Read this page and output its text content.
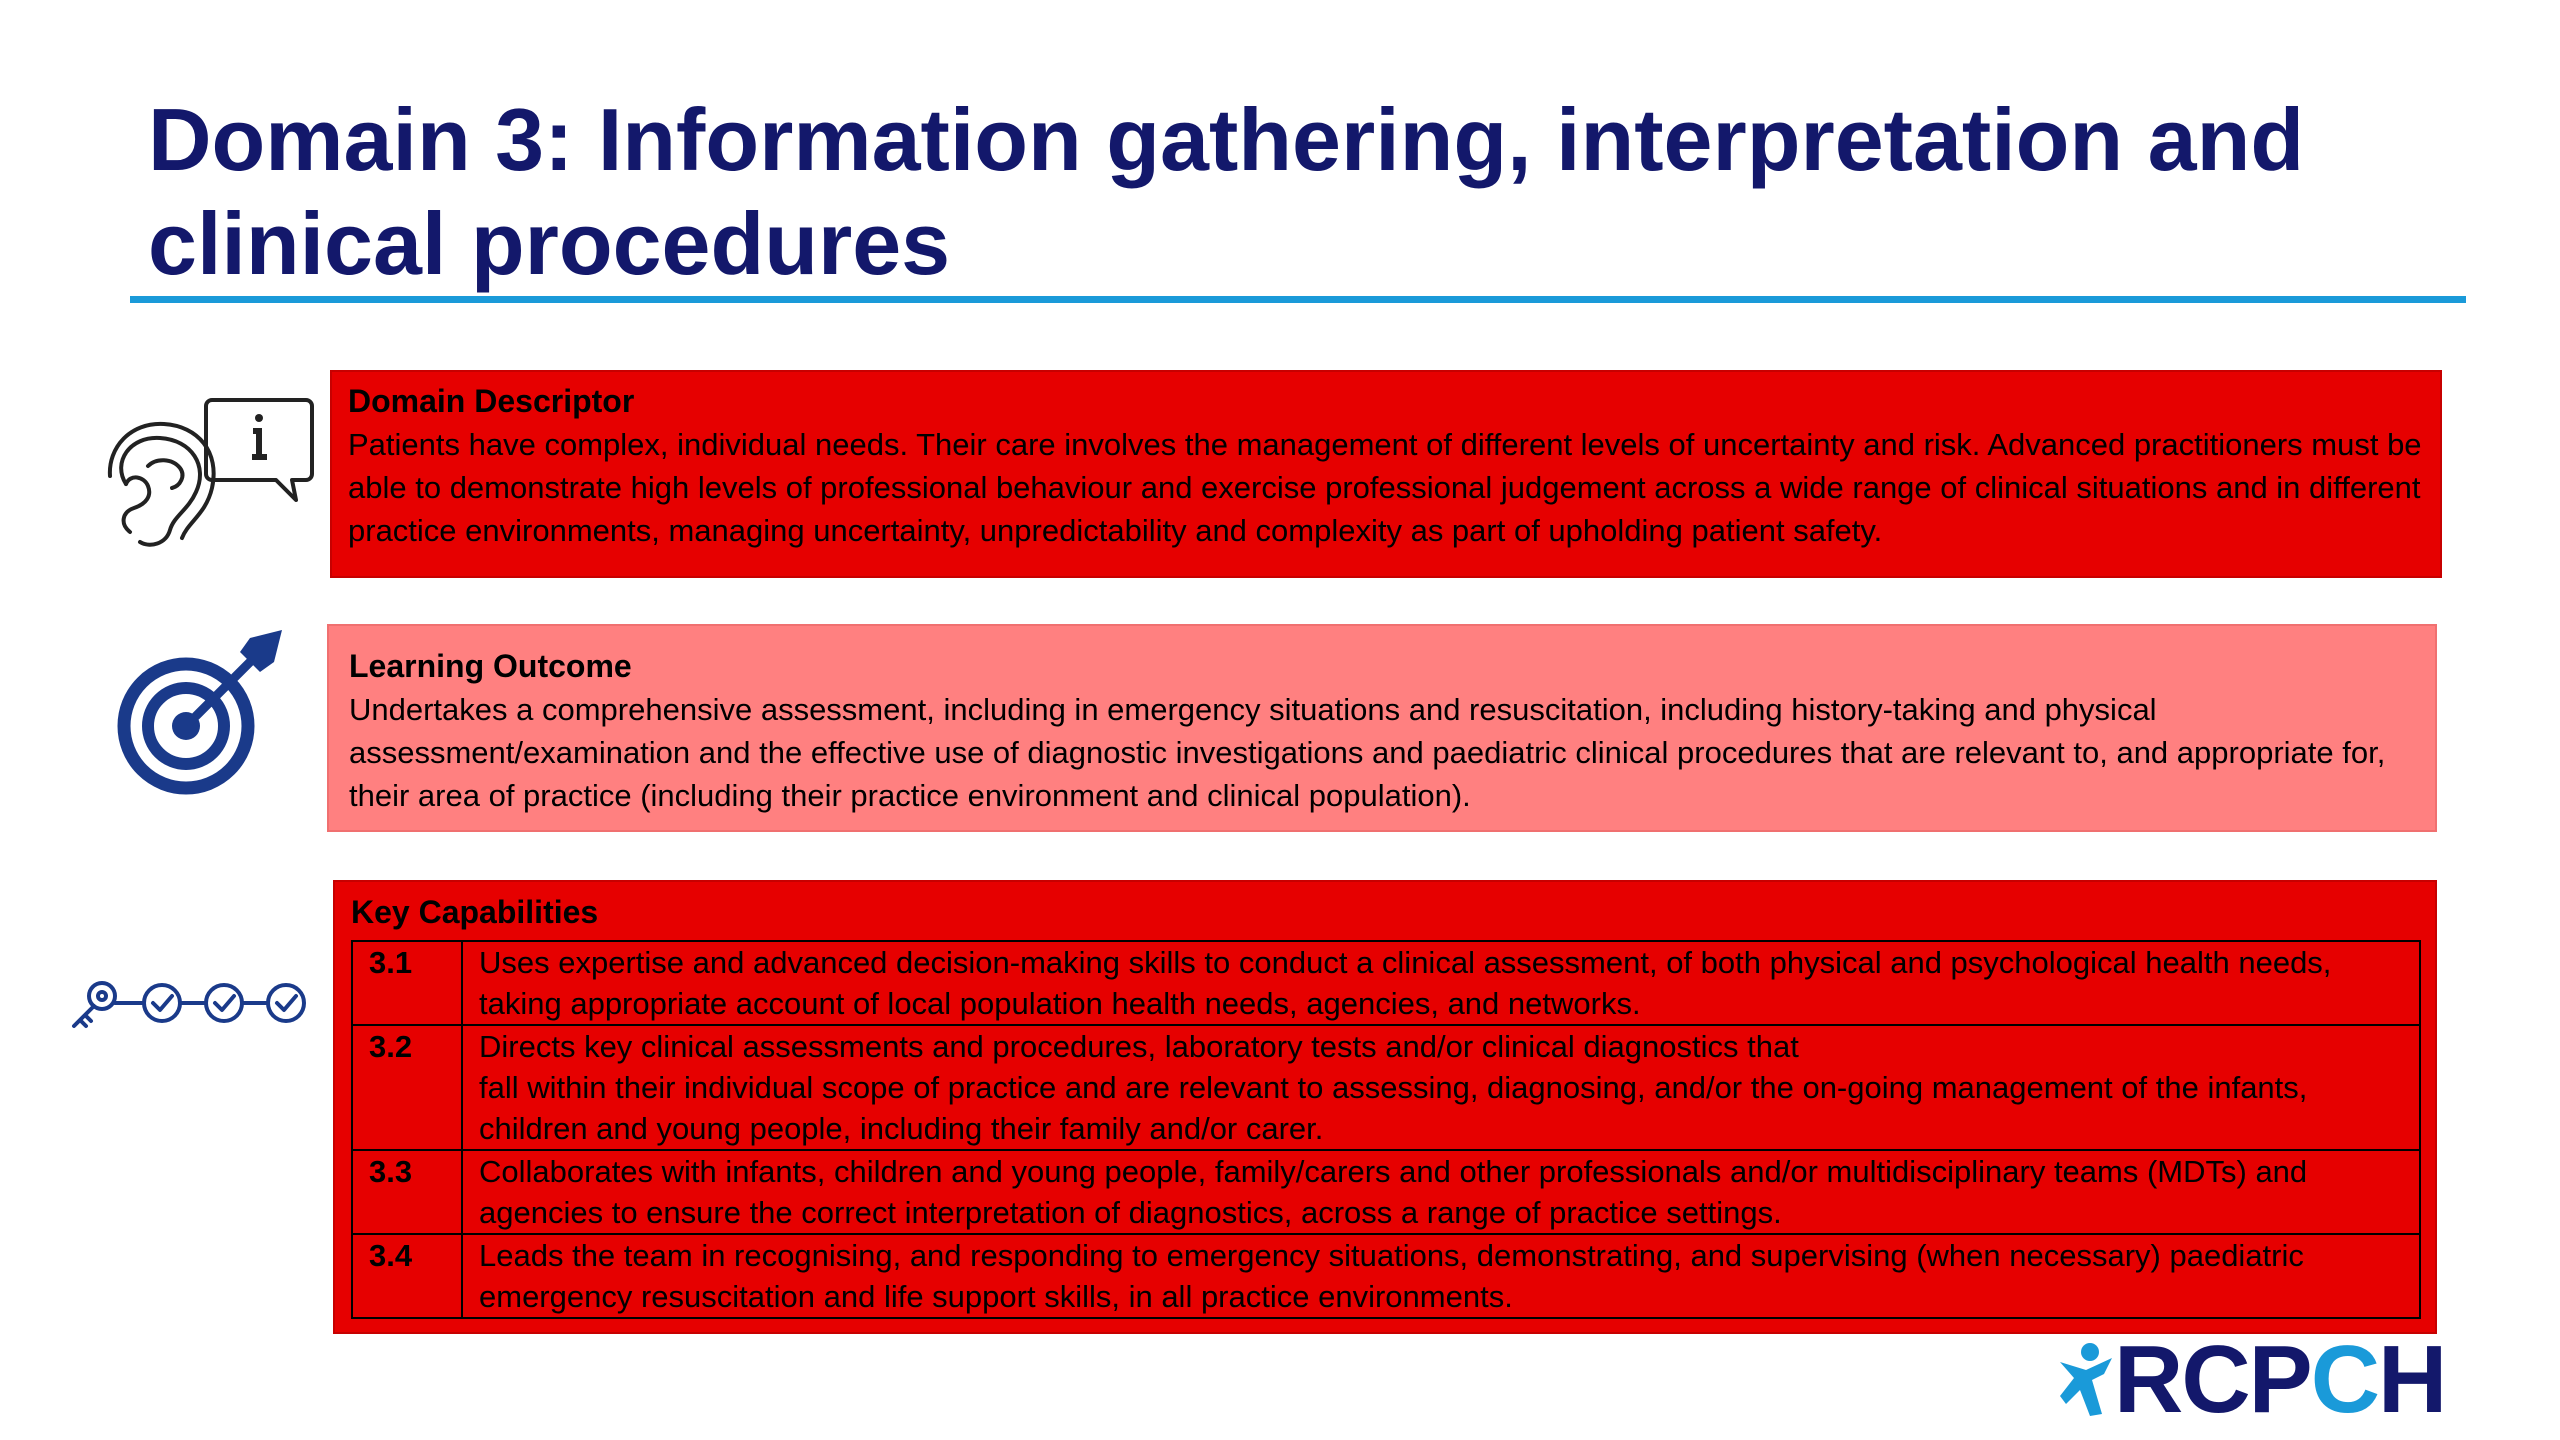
Domain 3: Information gathering, interpretation and clinical procedures
Domain Descriptor

Patients have complex, individual needs. Their care involves the management of different levels of uncertainty and risk. Advanced practitioners must be able to demonstrate high levels of professional behaviour and exercise professional judgement across a wide range of clinical situations and in different practice environments, managing uncertainty, unpredictability and complexity as part of upholding patient safety.

Learning Outcome

Undertakes a comprehensive assessment, including in emergency situations and resuscitation, including history-taking and physical assessment/examination and the effective use of diagnostic investigations and paediatric clinical procedures that are relevant to, and appropriate for, their area of practice (including their practice environment and clinical population).

Key Capabilities
3.1	Uses expertise and advanced decision-making skills to conduct a clinical assessment, of both physical and psychological health needs, taking appropriate account of local population health needs, agencies, and networks.
3.2	Directs key clinical assessments and procedures, laboratory tests and/or clinical diagnostics that
fall within their individual scope of practice and are relevant to assessing, diagnosing, and/or the on-going management of the infants, children and young people, including their family and/or carer.
3.3	Collaborates with infants, children and young people, family/carers and other professionals and/or multidisciplinary teams (MDTs) and agencies to ensure the correct interpretation of diagnostics, across a range of practice settings.
3.4	Leads the team in recognising, and responding to emergency situations, demonstrating, and supervising (when necessary) paediatric emergency resuscitation and life support skills, in all practice environments.
RCPCH
